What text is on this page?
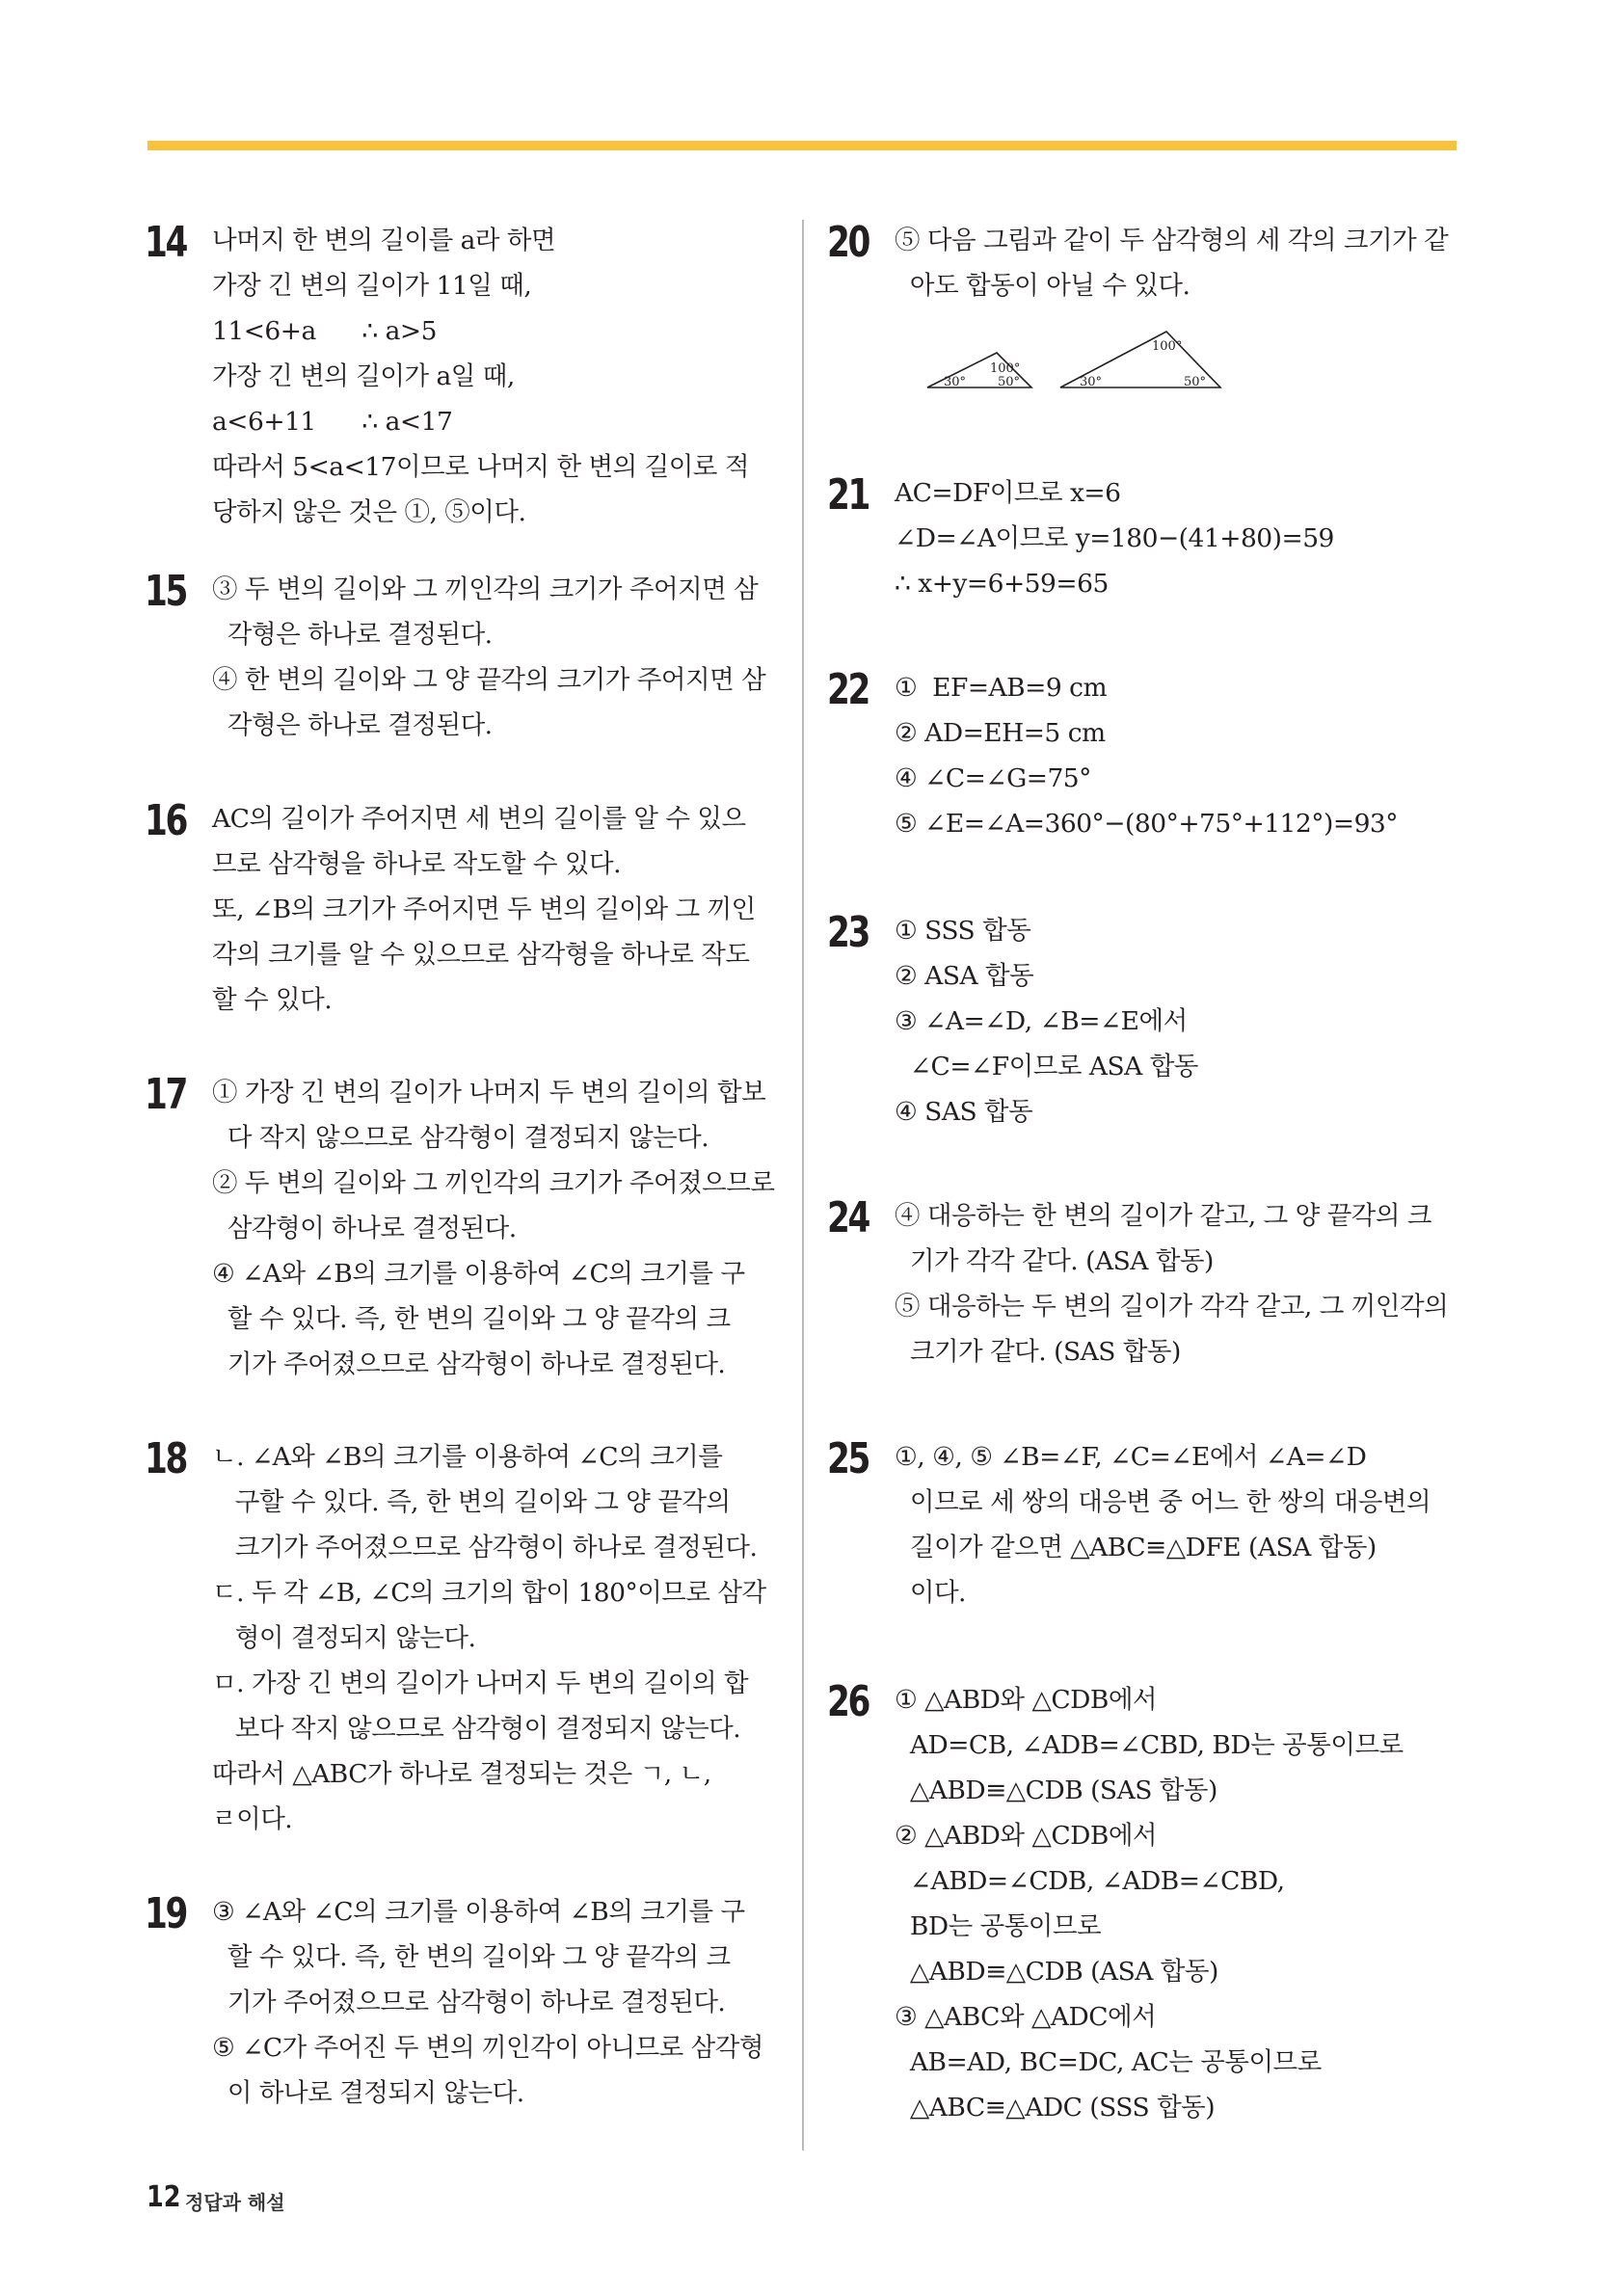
14 나머지 한 변의 길이를 a라 하면
가장 긴 변의 길이가 11일 때,
11<6+a      ∴ a>5
가장 긴 변의 길이가 a일 때,
a<6+11      ∴ a<17
따라서 5<a<17이므로 나머지 한 변의 길이로 적
당하지 않은 것은 ①, ⑤이다.
15 ③ 두 변의 길이와 그 끼인각의 크기가 주어지면 삼
각형은 하나로 결정된다.
④ 한 변의 길이와 그 양 끝각의 크기가 주어지면 삼
각형은 하나로 결정된다.
16 AC의 길이가 주어지면 세 변의 길이를 알 수 있으
므로 삼각형을 하나로 작도할 수 있다.
또, ∠B의 크기가 주어지면 두 변의 길이와 그 끼인
각의 크기를 알 수 있으므로 삼각형을 하나로 작도
할 수 있다.
17 ① 가장 긴 변의 길이가 나머지 두 변의 길이의 합보
다 작지 않으므로 삼각형이 결정되지 않는다.
② 두 변의 길이와 그 끼인각의 크기가 주어졌으므로
삼각형이 하나로 결정된다.
④ ∠A와 ∠B의 크기를 이용하여 ∠C의 크기를 구
할 수 있다. 즉, 한 변의 길이와 그 양 끝각의 크
기가 주어졌으므로 삼각형이 하나로 결정된다.
18 ㄴ. ∠A와 ∠B의 크기를 이용하여 ∠C의 크기를
구할 수 있다. 즉, 한 변의 길이와 그 양 끝각의
크기가 주어졌으므로 삼각형이 하나로 결정된다.
ㄷ. 두 각 ∠B, ∠C의 크기의 합이 180°이므로 삼각
형이 결정되지 않는다.
ㅁ. 가장 긴 변의 길이가 나머지 두 변의 길이의 합
보다 작지 않으므로 삼각형이 결정되지 않는다.
따라서 △ABC가 하나로 결정되는 것은 ㄱ, ㄴ,
ㄹ이다.
19 ③ ∠A와 ∠C의 크기를 이용하여 ∠B의 크기를 구
할 수 있다. 즉, 한 변의 길이와 그 양 끝각의 크
기가 주어졌으므로 삼각형이 하나로 결정된다.
⑤ ∠C가 주어진 두 변의 끼인각이 아니므로 삼각형
이 하나로 결정되지 않는다.
20 ⑤ 다음 그림과 같이 두 삼각형의 세 각의 크기가 같
아도 합동이 아닐 수 있다.
100°
30°	50°
100°
30°	50°
21 AC=DF이므로 x=6
∠D=∠A이므로 y=180−(41+80)=59
∴ x+y=6+59=65
22 ①  EF=AB=9 cm
② AD=EH=5 cm
④ ∠C=∠G=75°
⑤ ∠E=∠A=360°−(80°+75°+112°)=93°
23 ① SSS 합동
② ASA 합동
③ ∠A=∠D, ∠B=∠E에서
∠C=∠F이므로 ASA 합동
④ SAS 합동
24 ④ 대응하는 한 변의 길이가 같고, 그 양 끝각의 크
기가 각각 같다. (ASA 합동)
⑤ 대응하는 두 변의 길이가 각각 같고, 그 끼인각의
크기가 같다. (SAS 합동)
25 ①, ④, ⑤ ∠B=∠F, ∠C=∠E에서 ∠A=∠D
이므로 세 쌍의 대응변 중 어느 한 쌍의 대응변의
길이가 같으면 △ABC≡△DFE (ASA 합동)
이다.
26 ① △ABD와 △CDB에서
AD=CB, ∠ADB=∠CBD, BD는 공통이므로
△ABD≡△CDB (SAS 합동)
② △ABD와 △CDB에서
∠ABD=∠CDB, ∠ADB=∠CBD,
BD는 공통이므로
△ABD≡△CDB (ASA 합동)
③ △ABC와 △ADC에서
AB=AD, BC=DC, AC는 공통이므로
△ABC≡△ADC (SSS 합동)
12 정답과 해설
